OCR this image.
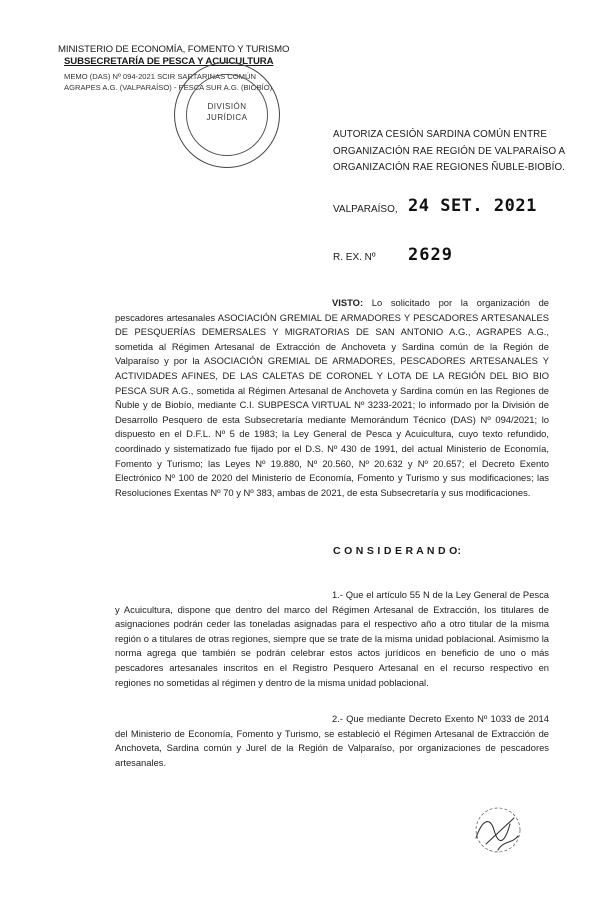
MINISTERIO DE ECONOMÍA, FOMENTO Y TURISMO
SUBSECRETARÍA DE PESCA Y ACUICULTURA
MEMO (DAS) Nº 094-2021 SCIR SARTARINAS COMÚN
AGRAPES A.G. (VALPARAÍSO) - PESCA SUR A.G. (BIOBÍO)
DIVISIÓN
JURÍDICA
AUTORIZA CESIÓN SARDINA COMÚN ENTRE
ORGANIZACIÓN RAE REGIÓN DE VALPARAÍSO A
ORGANIZACIÓN RAE REGIONES ÑUBLE-BIOBÍO.
VALPARAÍSO, 24 SET. 2021
R. EX. Nº 2629
VISTO: Lo solicitado por la organización de pescadores artesanales ASOCIACIÓN GREMIAL DE ARMADORES Y PESCADORES ARTESANALES DE PESQUERÍAS DEMERSALES Y MIGRATORIAS DE SAN ANTONIO A.G., AGRAPES A.G., sometida al Régimen Artesanal de Extracción de Anchoveta y Sardina común de la Región de Valparaíso y por la ASOCIACIÓN GREMIAL DE ARMADORES, PESCADORES ARTESANALES Y ACTIVIDADES AFINES, DE LAS CALETAS DE CORONEL Y LOTA DE LA REGIÓN DEL BIO BIO PESCA SUR A.G., sometida al Régimen Artesanal de Anchoveta y Sardina común en las Regiones de Ñuble y de Biobío, mediante C.I. SUBPESCA VIRTUAL Nº 3233-2021; lo informado por la División de Desarrollo Pesquero de esta Subsecretaría mediante Memorándum Técnico (DAS) Nº 094/2021; lo dispuesto en el D.F.L. Nº 5 de 1983; la Ley General de Pesca y Acuicultura, cuyo texto refundido, coordinado y sistematizado fue fijado por el D.S. Nº 430 de 1991, del actual Ministerio de Economía, Fomento y Turismo; las Leyes Nº 19.880, Nº 20.560, Nº 20.632 y Nº 20.657; el Decreto Exento Electrónico Nº 100 de 2020 del Ministerio de Economía, Fomento y Turismo y sus modificaciones; las Resoluciones Exentas Nº 70 y Nº 383, ambas de 2021, de esta Subsecretaría y sus modificaciones.
C O N S I D E R A N D O:
1.- Que el artículo 55 N de la Ley General de Pesca y Acuicultura, dispone que dentro del marco del Régimen Artesanal de Extracción, los titulares de asignaciones podrán ceder las toneladas asignadas para el respectivo año a otro titular de la misma región o a titulares de otras regiones, siempre que se trate de la misma unidad poblacional. Asimismo la norma agrega que también se podrán celebrar estos actos jurídicos en beneficio de uno o más pescadores artesanales inscritos en el Registro Pesquero Artesanal en el recurso respectivo en regiones no sometidas al régimen y dentro de la misma unidad poblacional.
2.- Que mediante Decreto Exento Nº 1033 de 2014 del Ministerio de Economía, Fomento y Turismo, se estableció el Régimen Artesanal de Extracción de Anchoveta, Sardina común y Jurel de la Región de Valparaíso, por organizaciones de pescadores artesanales.
